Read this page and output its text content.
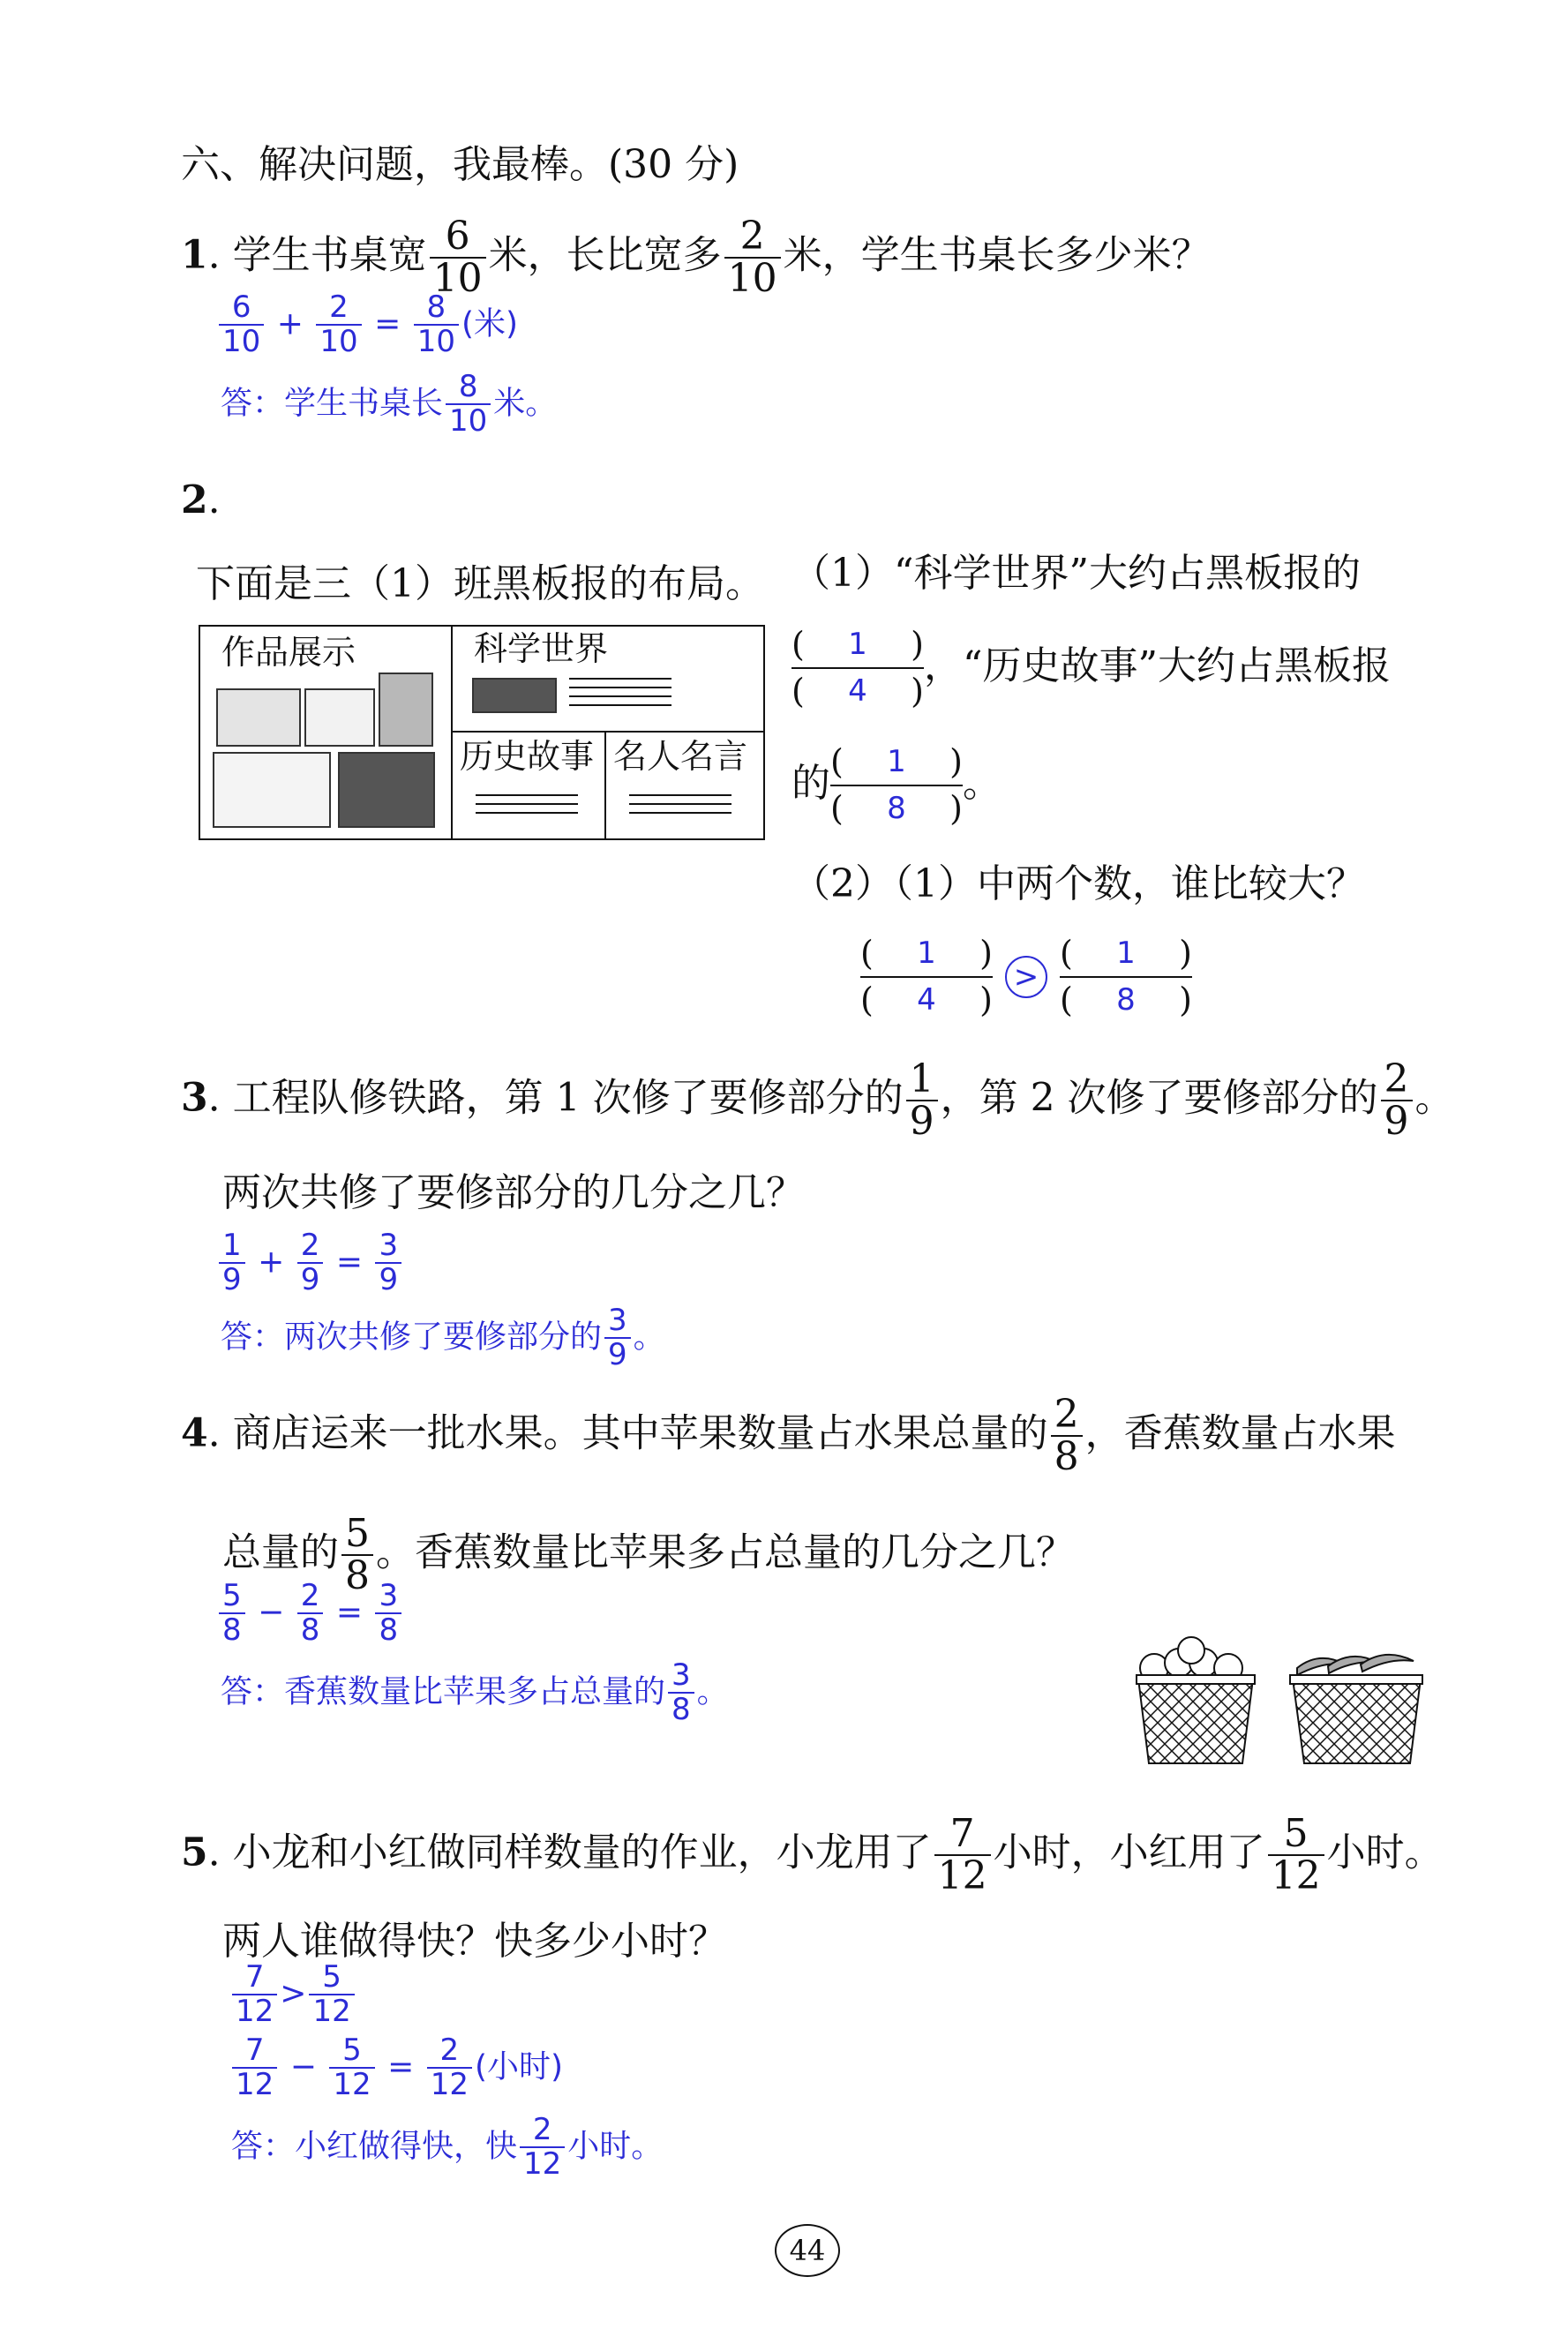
六、解决问题，我最棒。(30 分)
1. 学生书桌宽 $\frac{6}{10}$ 米，长比宽多 $\frac{2}{10}$ 米，学生书桌长多少米？
$\frac{6}{10} + \frac{2}{10} = \frac{8}{10}$ (米)
答：学生书桌长 $\frac{8}{10}$ 米。
2.
下面是三（1）班黑板报的布局。
作品展示	科学世界
历史故事 名人名言
（1）“科学世界”大约占黑板报的
$\frac{( 1 )}{( 4 )}$ ，“历史故事”大约占黑板报
的 $\frac{( 1 )}{( 8 )}$ 。
（2）（1）中两个数，谁比较大？
$\frac{( 1 )}{( 4 )} > \frac{( 1 )}{( 8 )}$
3. 工程队修铁路，第 1 次修了要修部分的 $\frac{1}{9}$ ，第 2 次修了要修部分的 $\frac{2}{9}$ 。
两次共修了要修部分的几分之几？
$\frac{1}{9} + \frac{2}{9} = \frac{3}{9}$
答：两次共修了要修部分的 $\frac{3}{9}$ 。
4. 商店运来一批水果。其中苹果数量占水果总量的 $\frac{2}{8}$ ，香蕉数量占水果
总量的 $\frac{5}{8}$ 。香蕉数量比苹果多占总量的几分之几？
$\frac{5}{8} - \frac{2}{8} = \frac{3}{8}$
答：香蕉数量比苹果多占总量的 $\frac{3}{8}$ 。
5. 小龙和小红做同样数量的作业，小龙用了 $\frac{7}{12}$ 小时，小红用了 $\frac{5}{12}$ 小时。
两人谁做得快？快多少小时？
$\frac{7}{12} > \frac{5}{12}$
$\frac{7}{12} - \frac{5}{12} = \frac{2}{12}$ (小时)
答：小红做得快，快 $\frac{2}{12}$ 小时。
44
